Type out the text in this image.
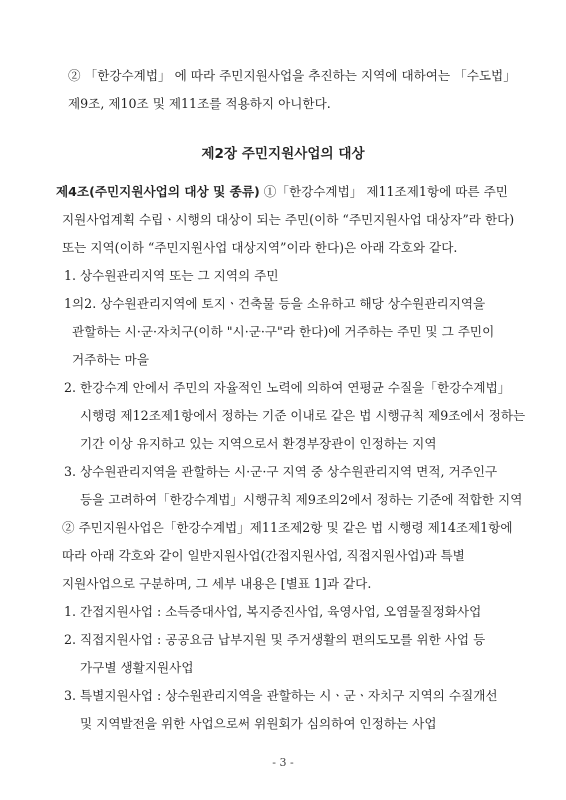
② 「한강수계법」 에 따라 주민지원사업을 추진하는 지역에 대하여는 「수도법」
제9조, 제10조 및 제11조를 적용하지 아니한다.
제2장 주민지원사업의 대상
제4조(주민지원사업의 대상 및 종류) ①「한강수계법」 제11조제1항에 따른 주민
지원사업계획 수립ㆍ시행의 대상이 되는 주민(이하 “주민지원사업 대상자”라 한다)
또는 지역(이하 “주민지원사업 대상지역”이라 한다)은 아래 각호와 같다.
1. 상수원관리지역 또는 그 지역의 주민
1의2. 상수원관리지역에 토지ㆍ건축물 등을 소유하고 해당 상수원관리지역을
관할하는 시·군·자치구(이하 "시·군·구"라 한다)에 거주하는 주민 및 그 주민이
거주하는 마을
2. 한강수계 안에서 주민의 자율적인 노력에 의하여 연평균 수질을「한강수계법」
시행령 제12조제1항에서 정하는 기준 이내로 같은 법 시행규칙 제9조에서 정하는
기간 이상 유지하고 있는 지역으로서 환경부장관이 인정하는 지역
3. 상수원관리지역을 관할하는 시·군·구 지역 중 상수원관리지역 면적, 거주인구
등을 고려하여「한강수계법」시행규칙 제9조의2에서 정하는 기준에 적합한 지역
② 주민지원사업은「한강수계법」제11조제2항 및 같은 법 시행령 제14조제1항에
따라 아래 각호와 같이 일반지원사업(간접지원사업, 직접지원사업)과 특별
지원사업으로 구분하며, 그 세부 내용은 [별표 1]과 같다.
1. 간접지원사업 : 소득증대사업, 복지증진사업, 육영사업, 오염물질정화사업
2. 직접지원사업 : 공공요금 납부지원 및 주거생활의 편의도모를 위한 사업 등
가구별 생활지원사업
3. 특별지원사업 : 상수원관리지역을 관할하는 시ㆍ군ㆍ자치구 지역의 수질개선
및 지역발전을 위한 사업으로써 위원회가 심의하여 인정하는 사업
- 3 -
